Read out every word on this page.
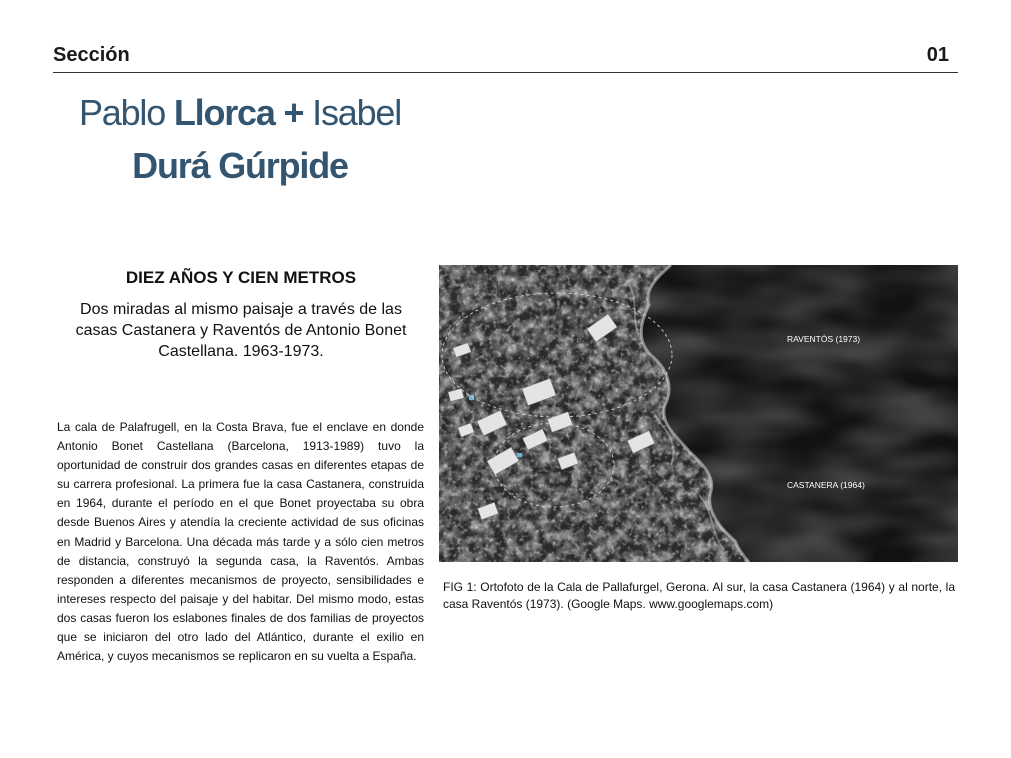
Sección	01
Pablo Llorca + Isabel
Durá Gúrpide
DIEZ AÑOS Y CIEN METROS
Dos miradas al mismo paisaje a través de las casas Castanera y Raventós de Antonio Bonet Castellana. 1963-1973.
La cala de Palafrugell, en la Costa Brava, fue el enclave en donde Antonio Bonet Castellana (Barcelona, 1913-1989) tuvo la oportunidad de construir dos grandes casas en diferentes etapas de su carrera profesional. La primera fue la casa Castanera, construida en 1964, durante el período en el que Bonet proyectaba su obra desde Buenos Aires y atendía la creciente actividad de sus oficinas en Madrid y Barcelona. Una década más tarde y a sólo cien metros de distancia, construyó la segunda casa, la Raventós. Ambas responden a diferentes mecanismos de proyecto, sensibilidades e intereses respecto del paisaje y del habitar. Del mismo modo, estas dos casas fueron los eslabones finales de dos familias de proyectos que se iniciaron del otro lado del Atlántico, durante el exilio en América, y cuyos mecanismos se replicaron en su vuelta a España.
RAVENTÓS (1973)
CASTANERA (1964)
FIG 1: Ortofoto de la Cala de Pallafurgel, Gerona. Al sur, la casa Castanera (1964) y al norte, la casa Raventós (1973). (Google Maps. www.googlemaps.com)
